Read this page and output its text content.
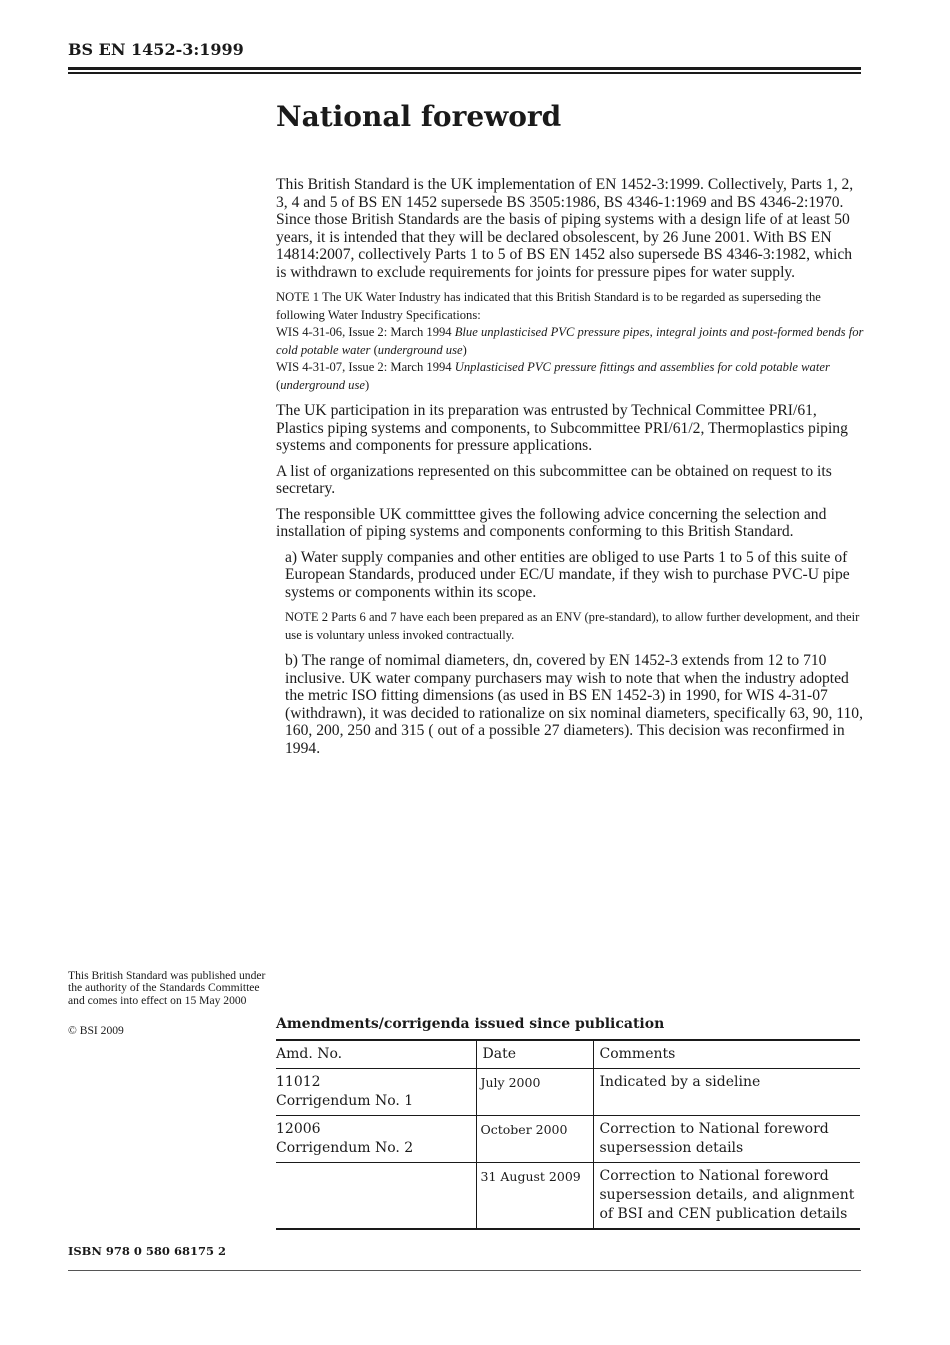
BS EN 1452-3:1999
National foreword

This British Standard is the UK implementation of EN 1452-3:1999. Collectively, Parts 1, 2, 3, 4 and 5 of BS EN 1452 supersede BS 3505:1986, BS 4346-1:1969 and BS 4346-2:1970. Since those British Standards are the basis of piping systems with a design life of at least 50 years, it is intended that they will be declared obsolescent, by 26 June 2001. With BS EN 14814:2007, collectively Parts 1 to 5 of BS EN 1452 also supersede BS 4346-3:1982, which is withdrawn to exclude requirements for joints for pressure pipes for water supply.

NOTE 1 The UK Water Industry has indicated that this British Standard is to be regarded as superseding the following Water Industry Specifications:
WIS 4-31-06, Issue 2: March 1994 Blue unplasticised PVC pressure pipes, integral joints and post-formed bends for cold potable water (underground use)
WIS 4-31-07, Issue 2: March 1994 Unplasticised PVC pressure fittings and assemblies for cold potable water (underground use)

The UK participation in its preparation was entrusted by Technical Committee PRI/61, Plastics piping systems and components, to Subcommittee PRI/61/2, Thermoplastics piping systems and components for pressure applications.

A list of organizations represented on this subcommittee can be obtained on request to its secretary.

The responsible UK committtee gives the following advice concerning the selection and installation of piping systems and components conforming to this British Standard.

a) Water supply companies and other entities are obliged to use Parts 1 to 5 of this suite of European Standards, produced under EC/U mandate, if they wish to purchase PVC-U pipe systems or components within its scope.

NOTE 2 Parts 6 and 7 have each been prepared as an ENV (pre-standard), to allow further development, and their use is voluntary unless invoked contractually.

b) The range of nomimal diameters, dn, covered by EN 1452-3 extends from 12 to 710 inclusive. UK water company purchasers may wish to note that when the industry adopted the metric ISO fitting dimensions (as used in BS EN 1452-3) in 1990, for WIS 4-31-07 (withdrawn), it was decided to rationalize on six nominal diameters, specifically 63, 90, 110, 160, 200, 250 and 315 ( out of a possible 27 diameters). This decision was reconfirmed in 1994.

This British Standard was published under the authority of the Standards Committee and comes into effect on 15 May 2000
© BSI 2009	Amendments/corrigenda issued since publication
Amd. No.	Date	Comments
11012
Corrigendum No. 1	July 2000	Indicated by a sideline
12006
Corrigendum No. 2	October 2000	Correction to National foreword supersession details
	31 August 2009	Correction to National foreword supersession details, and alignment of BSI and CEN publication details
ISBN 978 0 580 68175 2
